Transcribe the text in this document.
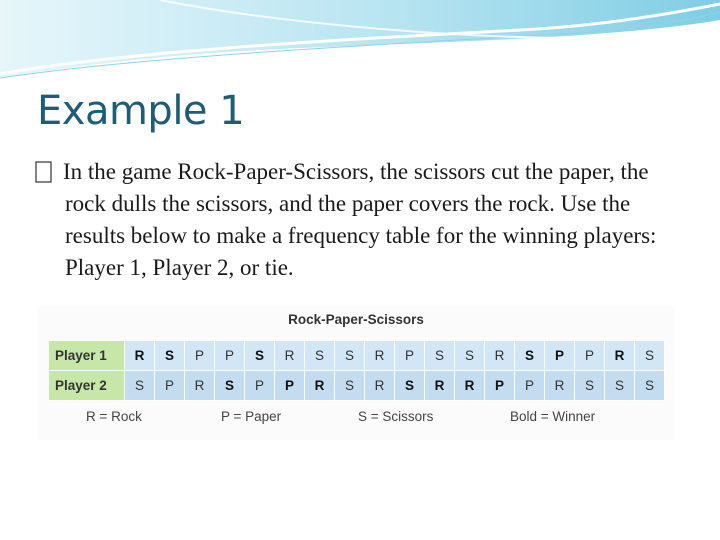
Example 1

In the game Rock-Paper-Scissors, the scissors cut the paper, the rock dulls the scissors, and the paper covers the rock. Use the results below to make a frequency table for the winning players: Player 1, Player 2, or tie.

Rock-Paper-Scissors
Player 1	R	S	P	P	S	R	S	S	R	P	S	S	R	S	P	P	R	S
Player 2	S	P	R	S	P	P	R	S	R	S	R	R	P	P	R	S	S	S
R = Rock	P = Paper	S = Scissors	Bold = Winner
